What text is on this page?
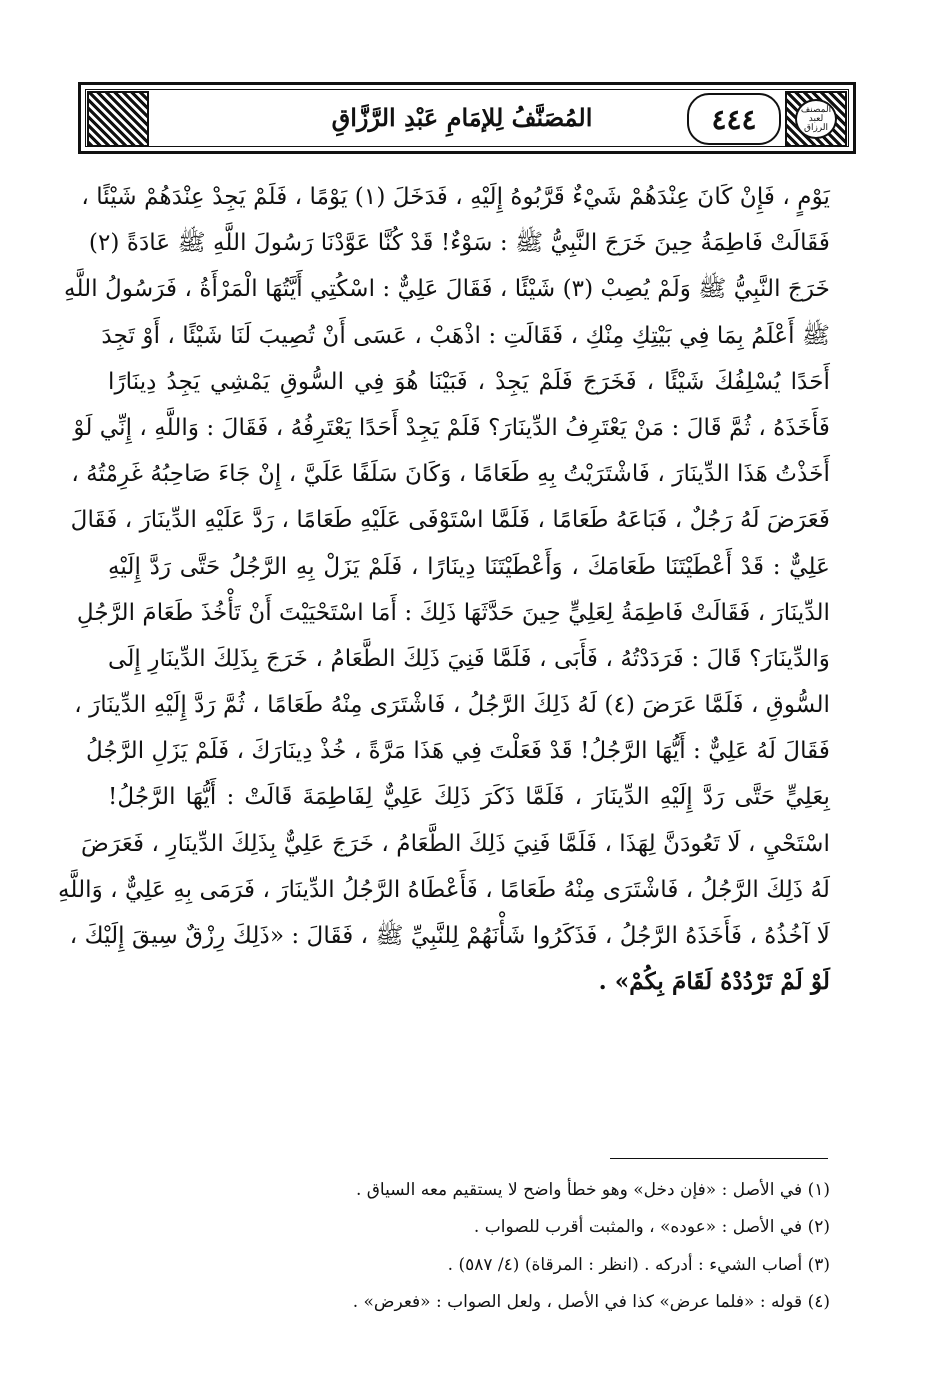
المصنف لعبد الرزاق
٤٤٤
المُصَنَّفُ لِلإمَامِ عَبْدِ الرَّزَّاقِ
يَوْمٍ ، فَإِنْ كَانَ عِنْدَهُمْ شَيْءٌ قَرَّبُوهُ إِلَيْهِ ، فَدَخَلَ (١) يَوْمًا ، فَلَمْ يَجِدْ عِنْدَهُمْ شَيْئًا ،
فَقَالَتْ فَاطِمَةُ حِينَ خَرَجَ النَّبِيُّ ﷺ : سَوْءٌ! قَدْ كُنَّا عَوَّدْنَا رَسُولَ اللَّهِ ﷺ عَادَةً (٢)
خَرَجَ النَّبِيُّ ﷺ وَلَمْ يُصِبْ (٣) شَيْئًا ، فَقَالَ عَلِيٌّ : اسْكُتِي أَيَّتُهَا الْمَرْأَةُ ، فَرَسُولُ اللَّهِ
ﷺ أَعْلَمُ بِمَا فِي بَيْتِكِ مِنْكِ ، فَقَالَتِ : اذْهَبْ ، عَسَى أَنْ تُصِيبَ لَنَا شَيْئًا ، أَوْ تَجِدَ
أَحَدًا يُسْلِفُكَ شَيْئًا ، فَخَرَجَ فَلَمْ يَجِدْ ، فَبَيْنَا هُوَ فِي السُّوقِ يَمْشِي يَجِدُ دِينَارًا
فَأَخَذَهُ ، ثُمَّ قَالَ : مَنْ يَعْتَرِفُ الدِّينَارَ؟ فَلَمْ يَجِدْ أَحَدًا يَعْتَرِفُهُ ، فَقَالَ : وَاللَّهِ ، إِنِّي لَوْ
أَخَذْتُ هَذَا الدِّينَارَ ، فَاشْتَرَيْتُ بِهِ طَعَامًا ، وَكَانَ سَلَفًا عَلَيَّ ، إِنْ جَاءَ صَاحِبُهُ غَرِمْتُهُ ،
فَعَرَضَ لَهُ رَجُلٌ ، فَبَاعَهُ طَعَامًا ، فَلَمَّا اسْتَوْفَى عَلَيْهِ طَعَامًا ، رَدَّ عَلَيْهِ الدِّينَارَ ، فَقَالَ
عَلِيٌّ : قَدْ أَعْطَيْتَنَا طَعَامَكَ ، وَأَعْطَيْتَنَا دِينَارًا ، فَلَمْ يَزَلْ بِهِ الرَّجُلُ حَتَّى رَدَّ إِلَيْهِ
الدِّينَارَ ، فَقَالَتْ فَاطِمَةُ لِعَلِيٍّ حِينَ حَدَّثَهَا ذَلِكَ : أَمَا اسْتَحْيَيْتَ أَنْ تَأْخُذَ طَعَامَ الرَّجُلِ
وَالدِّينَارَ؟ قَالَ : فَرَدَدْتُهُ ، فَأَبَى ، فَلَمَّا فَنِيَ ذَلِكَ الطَّعَامُ ، خَرَجَ بِذَلِكَ الدِّينَارِ إِلَى
السُّوقِ ، فَلَمَّا عَرَضَ (٤) لَهُ ذَلِكَ الرَّجُلُ ، فَاشْتَرَى مِنْهُ طَعَامًا ، ثُمَّ رَدَّ إِلَيْهِ الدِّينَارَ ،
فَقَالَ لَهُ عَلِيٌّ : أَيُّهَا الرَّجُلُ! قَدْ فَعَلْتَ فِي هَذَا مَرَّةً ، خُذْ دِينَارَكَ ، فَلَمْ يَزَلِ الرَّجُلُ
بِعَلِيٍّ حَتَّى رَدَّ إِلَيْهِ الدِّينَارَ ، فَلَمَّا ذَكَرَ ذَلِكَ عَلِيٌّ لِفَاطِمَةَ قَالَتْ : أَيُّهَا الرَّجُلُ!
اسْتَحْيِ ، لَا تَعُودَنَّ لِهَذَا ، فَلَمَّا فَنِيَ ذَلِكَ الطَّعَامُ ، خَرَجَ عَلِيٌّ بِذَلِكَ الدِّينَارِ ، فَعَرَضَ
لَهُ ذَلِكَ الرَّجُلُ ، فَاشْتَرَى مِنْهُ طَعَامًا ، فَأَعْطَاهُ الرَّجُلُ الدِّينَارَ ، فَرَمَى بِهِ عَلِيٌّ ، وَاللَّهِ
لَا آخُذُهُ ، فَأَخَذَهُ الرَّجُلُ ، فَذَكَرُوا شَأْنَهُمْ لِلنَّبِيِّ ﷺ ، فَقَالَ : «ذَلِكَ رِزْقٌ سِيقَ إِلَيْكَ ،
لَوْ لَمْ تَرْدُدْهُ لَقَامَ بِكُمْ» .
(١) في الأصل : «فإن دخل» وهو خطأ واضح لا يستقيم معه السياق .
(٢) في الأصل : «عوده» ، والمثبت أقرب للصواب .
(٣) أصاب الشيء : أدركه . (انظر : المرقاة) (٤/ ٥٨٧) .
(٤) قوله : «فلما عرض» كذا في الأصل ، ولعل الصواب : «فعرض» .
